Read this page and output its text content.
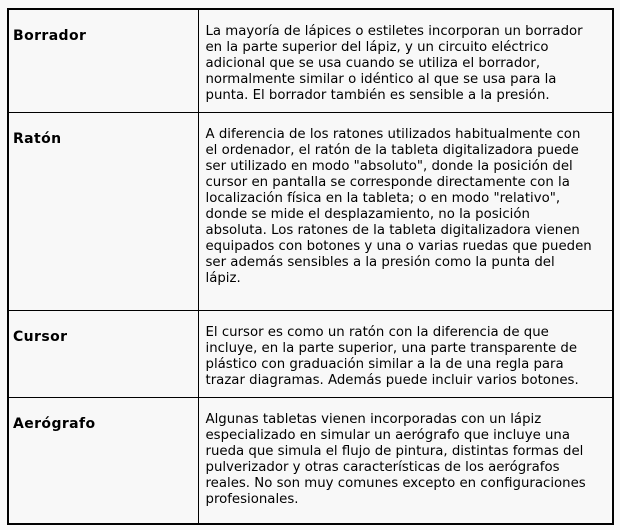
Borrador	La mayoría de lápices o estiletes incorporan un borrador en la parte superior del lápiz, y un circuito eléctrico adicional que se usa cuando se utiliza el borrador, normalmente similar o idéntico al que se usa para la punta. El borrador también es sensible a la presión.

Ratón	A diferencia de los ratones utilizados habitualmente con el ordenador, el ratón de la tableta digitalizadora puede ser utilizado en modo "absoluto", donde la posición del cursor en pantalla se corresponde directamente con la localización física en la tableta; o en modo "relativo", donde se mide el desplazamiento, no la posición absoluta. Los ratones de la tableta digitalizadora vienen equipados con botones y una o varias ruedas que pueden ser además sensibles a la presión como la punta del lápiz.

Cursor	El cursor es como un ratón con la diferencia de que incluye, en la parte superior, una parte transparente de plástico con graduación similar a la de una regla para trazar diagramas. Además puede incluir varios botones.

Aerógrafo	Algunas tabletas vienen incorporadas con un lápiz especializado en simular un aerógrafo que incluye una rueda que simula el flujo de pintura, distintas formas del pulverizador y otras características de los aerógrafos reales. No son muy comunes excepto en configuraciones profesionales.
